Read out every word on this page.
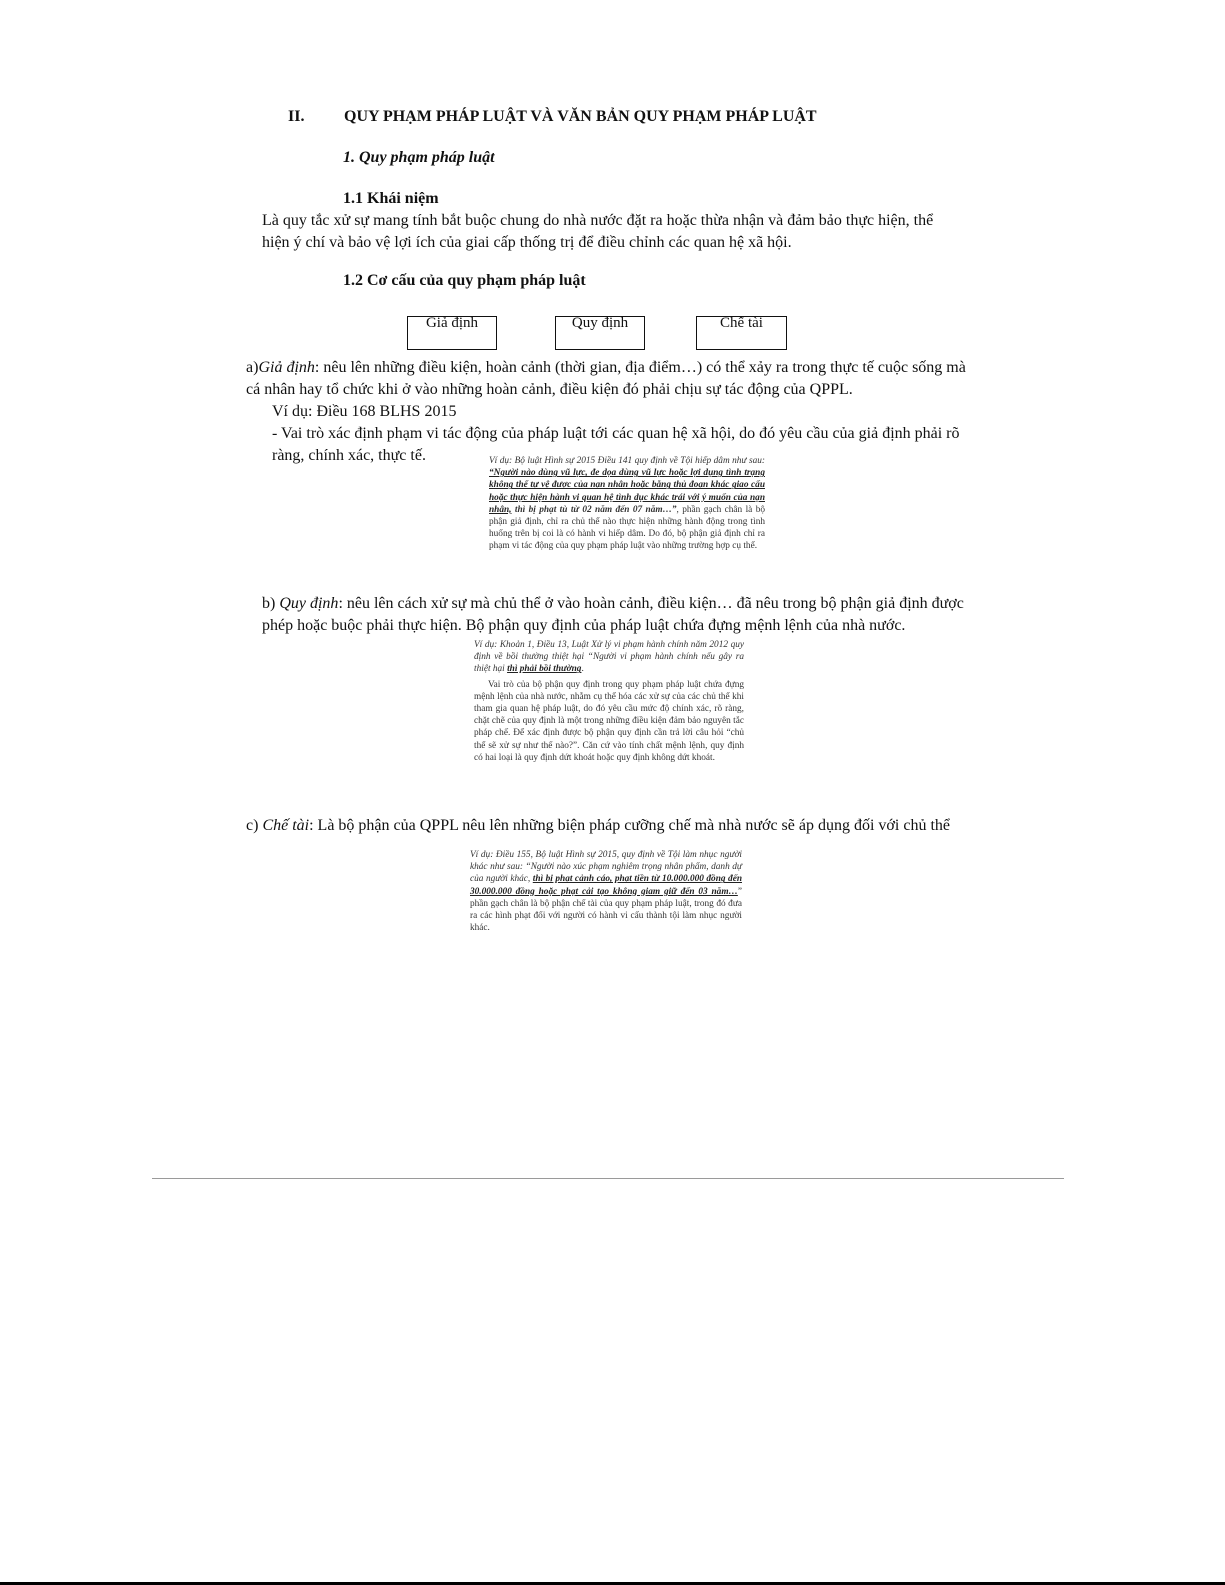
II. QUY PHẠM PHÁP LUẬT VÀ VĂN BẢN QUY PHẠM PHÁP LUẬT
1. Quy phạm pháp luật
1.1 Khái niệm
Là quy tắc xử sự mang tính bắt buộc chung do nhà nước đặt ra hoặc thừa nhận và đảm bảo thực hiện, thể hiện ý chí và bảo vệ lợi ích của giai cấp thống trị để điều chỉnh các quan hệ xã hội.
1.2 Cơ cấu của quy phạm pháp luật
Giả định	Quy định	Chế tài
a)Giả định: nêu lên những điều kiện, hoàn cảnh (thời gian, địa điểm…) có thể xảy ra trong thực tế cuộc sống mà cá nhân hay tổ chức khi ở vào những hoàn cảnh, điều kiện đó phải chịu sự tác động của QPPL.
Ví dụ: Điều 168 BLHS 2015
- Vai trò xác định phạm vi tác động của pháp luật tới các quan hệ xã hội, do đó yêu cầu của giả định phải rõ ràng, chính xác, thực tế.	Ví dụ: Bộ luật Hình sự 2015 Điều 141 quy định về Tội hiếp dâm như sau: “Người nào dùng vũ lực, đe dọa dùng vũ lực hoặc lợi dụng tình trạng không thể tự vệ được của nạn nhân hoặc bằng thủ đoạn khác giao cấu hoặc thực hiện hành vi quan hệ tình dục khác trái với ý muốn của nạn nhân, thì bị phạt tù từ 02 năm đến 07 năm…”, phần gạch chân là bộ phận giả định, chỉ ra chủ thể nào thực hiện những hành động trong tình huống trên bị coi là có hành vi hiếp dâm. Do đó, bộ phận giả định chỉ ra phạm vi tác động của quy phạm pháp luật vào những trường hợp cụ thể.

b) Quy định: nêu lên cách xử sự mà chủ thể ở vào hoàn cảnh, điều kiện… đã nêu trong bộ phận giả định được phép hoặc buộc phải thực hiện. Bộ phận quy định của pháp luật chứa đựng mệnh lệnh của nhà nước.

Ví dụ: Khoản 1, Điều 13, Luật Xử lý vi phạm hành chính năm 2012 quy định về bồi thường thiệt hại “Người vi phạm hành chính nếu gây ra thiệt hại thì phải bồi thường.

Vai trò của bộ phận quy định trong quy phạm pháp luật chứa đựng mệnh lệnh của nhà nước, nhằm cụ thể hóa các xử sự của các chủ thể khi tham gia quan hệ pháp luật, do đó yêu cầu mức độ chính xác, rõ ràng, chặt chẽ của quy định là một trong những điều kiện đảm bảo nguyên tắc pháp chế. Để xác định được bộ phận quy định cần trả lời câu hỏi “chủ thể sẽ xử sự như thế nào?”. Căn cứ vào tính chất mệnh lệnh, quy định có hai loại là quy định dứt khoát hoặc quy định không dứt khoát.

c) Chế tài: Là bộ phận của QPPL nêu lên những biện pháp cưỡng chế mà nhà nước sẽ áp dụng đối với chủ thể

Ví dụ: Điều 155, Bộ luật Hình sự 2015, quy định về Tội làm nhục người khác như sau: “Người nào xúc phạm nghiêm trọng nhân phẩm, danh dự của người khác, thì bị phạt cảnh cáo, phạt tiền từ 10.000.000 đồng đến 30.000.000 đồng hoặc phạt cải tạo không giam giữ đến 03 năm…” phần gạch chân là bộ phận chế tài của quy phạm pháp luật, trong đó đưa ra các hình phạt đối với người có hành vi cấu thành tội làm nhục người khác.
